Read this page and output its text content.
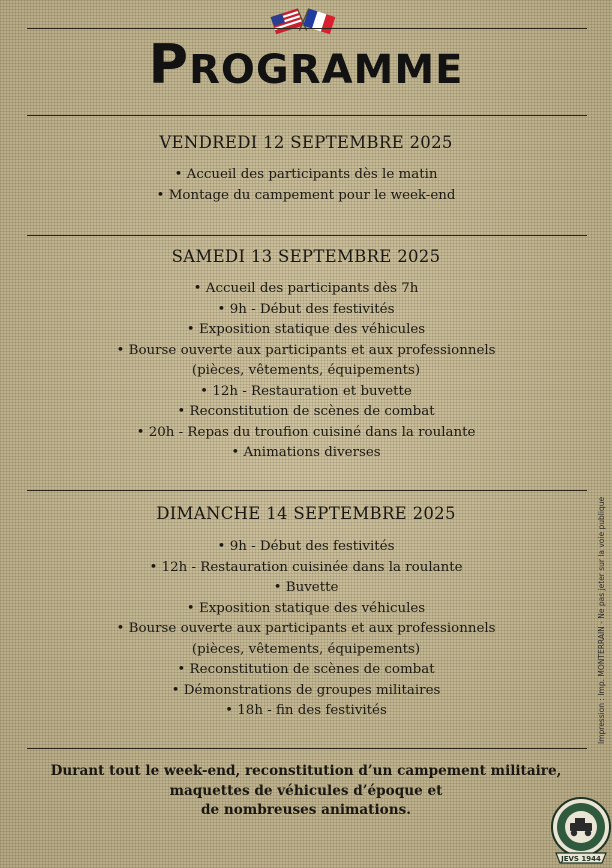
PROGRAMME
VENDREDI 12 SEPTEMBRE 2025
• Accueil des participants dès le matin
• Montage du campement pour le week-end
SAMEDI 13 SEPTEMBRE 2025
• Accueil des participants dès 7h
• 9h - Début des festivités
• Exposition statique des véhicules
• Bourse ouverte aux participants et aux professionnels
(pièces, vêtements, équipements)
• 12h - Restauration et buvette
• Reconstitution de scènes de combat
• 20h - Repas du troufion cuisiné dans la roulante
• Animations diverses
DIMANCHE 14 SEPTEMBRE 2025
• 9h - Début des festivités
• 12h - Restauration cuisinée dans la roulante
• Buvette
• Exposition statique des véhicules
• Bourse ouverte aux participants et aux professionnels
(pièces, vêtements, équipements)
• Reconstitution de scènes de combat
• Démonstrations de groupes militaires
• 18h - fin des festivités
Durant tout le week-end, reconstitution d’un campement militaire,
maquettes de véhicules d’époque et
de nombreuses animations.
Impression : Imp. MONTERRAIN - Ne pas jeter sur la voie publique
JEVS 1944
